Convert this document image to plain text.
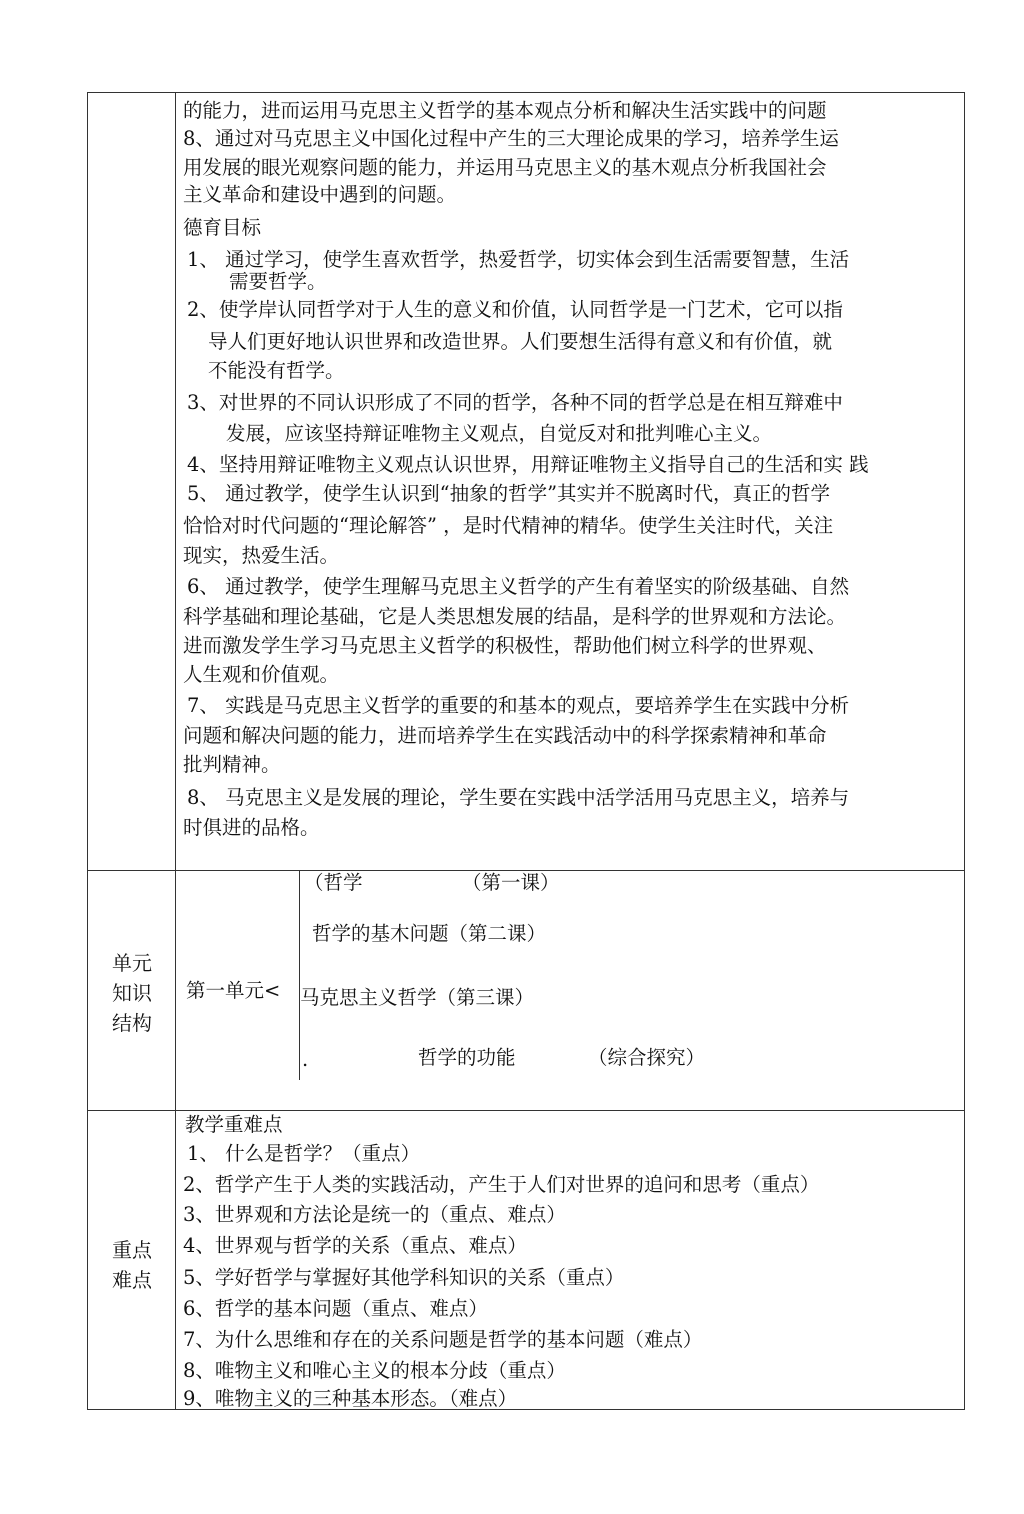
的能力，进而运用马克思主义哲学的基本观点分析和解决生活实践中的问题
8、通过对马克思主义中国化过程中产生的三大理论成果的学习，培养学生运
用发展的眼光观察问题的能力，并运用马克思主义的基木观点分析我国社会
主义革命和建设中遇到的问题。
德育目标
1、 通过学习，使学生喜欢哲学，热爱哲学，切实体会到生活需要智慧，生活
需要哲学。
2、使学岸认同哲学对于人生的意义和价值，认同哲学是一门艺术，它可以指
导人们更好地认识世界和改造世界。人们要想生活得有意义和有价值，就
不能没有哲学。
3、对世界的不同认识形成了不同的哲学，各种不同的哲学总是在相互辩难中
发展，应该坚持辩证唯物主义观点，自觉反对和批判唯心主义。
4、坚持用辩证唯物主义观点认识世界，用辩证唯物主义指导自己的生活和实 践
5、 通过教学，使学生认识到“抽象的哲学”其实并不脱离时代，真正的哲学
恰恰对时代问题的“理论解答” ，是时代精神的精华。使学生关注时代，关注
现实，热爱生活。
6、 通过教学，使学生理解马克思主义哲学的产生有着坚实的阶级基础、自然
科学基础和理论基础，它是人类思想发展的结晶，是科学的世界观和方法论。
进而激发学生学习马克思主义哲学的积极性，帮助他们树立科学的世界观、
人生观和价值观。
7、 实践是马克思主义哲学的重要的和基本的观点，要培养学生在实践中分析
问题和解决问题的能力，进而培养学生在实践活动中的科学探索精神和革命
批判精神。
8、 马克思主义是发展的理论，学生要在实践中活学活用马克思主义，培养与
时俱进的品格。
单元
知识
结构
第一单元<
（哲学	（第一课）
哲学的基木问题（第二课）
马克思主义哲学（第三课）
.	哲学的功能	（综合探究）
重点
难点
教学重难点
1、 什么是哲学？（重点）
2、哲学产生于人类的实践活动，产生于人们对世界的追问和思考（重点）
3、世界观和方法论是统一的（重点、难点）
4、世界观与哲学的关系（重点、难点）
5、学好哲学与掌握好其他学科知识的关系（重点）
6、哲学的基本问题（重点、难点）
7、为什么思维和存在的关系问题是哲学的基本问题（难点）
8、唯物主义和唯心主义的根本分歧（重点）
9、唯物主义的三种基本形态。（难点）
